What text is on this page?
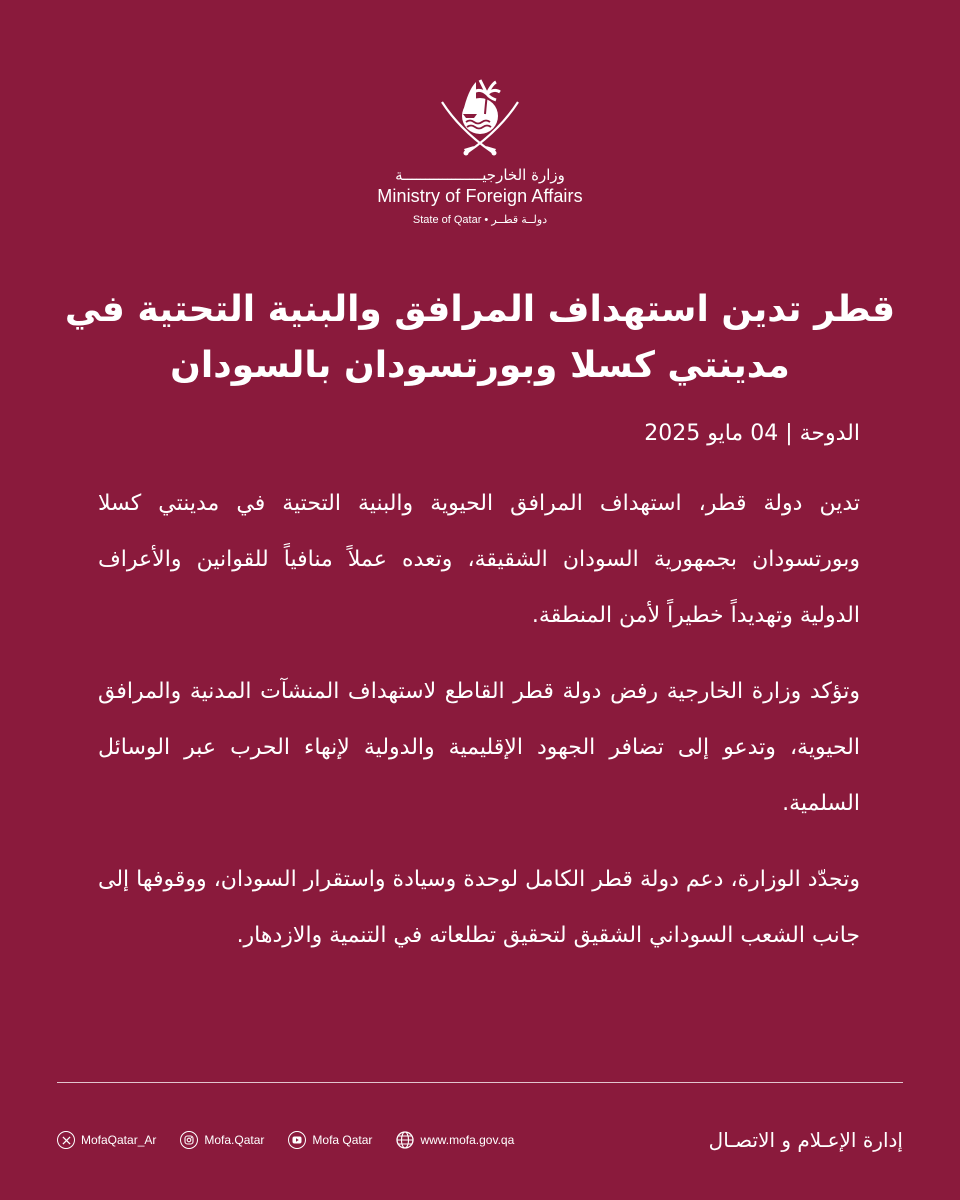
وزارة الخارجيــــــــــــــــــة
Ministry of Foreign Affairs
State of Qatar • دولــة قطــر
قطر تدين استهداف المرافق والبنية التحتية في
مدينتي كسلا وبورتسودان بالسودان

الدوحة | 04 مايو 2025

تدين دولة قطر، استهداف المرافق الحيوية والبنية التحتية في مدينتي كسلا وبورتسودان بجمهورية السودان الشقيقة، وتعده عملاً منافياً للقوانين والأعراف الدولية وتهديداً خطيراً لأمن المنطقة.

وتؤكد وزارة الخارجية رفض دولة قطر القاطع لاستهداف المنشآت المدنية والمرافق الحيوية، وتدعو إلى تضافر الجهود الإقليمية والدولية لإنهاء الحرب عبر الوسائل السلمية.

وتجدّد الوزارة، دعم دولة قطر الكامل لوحدة وسيادة واستقرار السودان، ووقوفها إلى جانب الشعب السوداني الشقيق لتحقيق تطلعاته في التنمية والازدهار.

MofaQatar_Ar	Mofa.Qatar	Mofa Qatar	www.mofa.gov.qa	إدارة الإعـلام و الاتصـال
